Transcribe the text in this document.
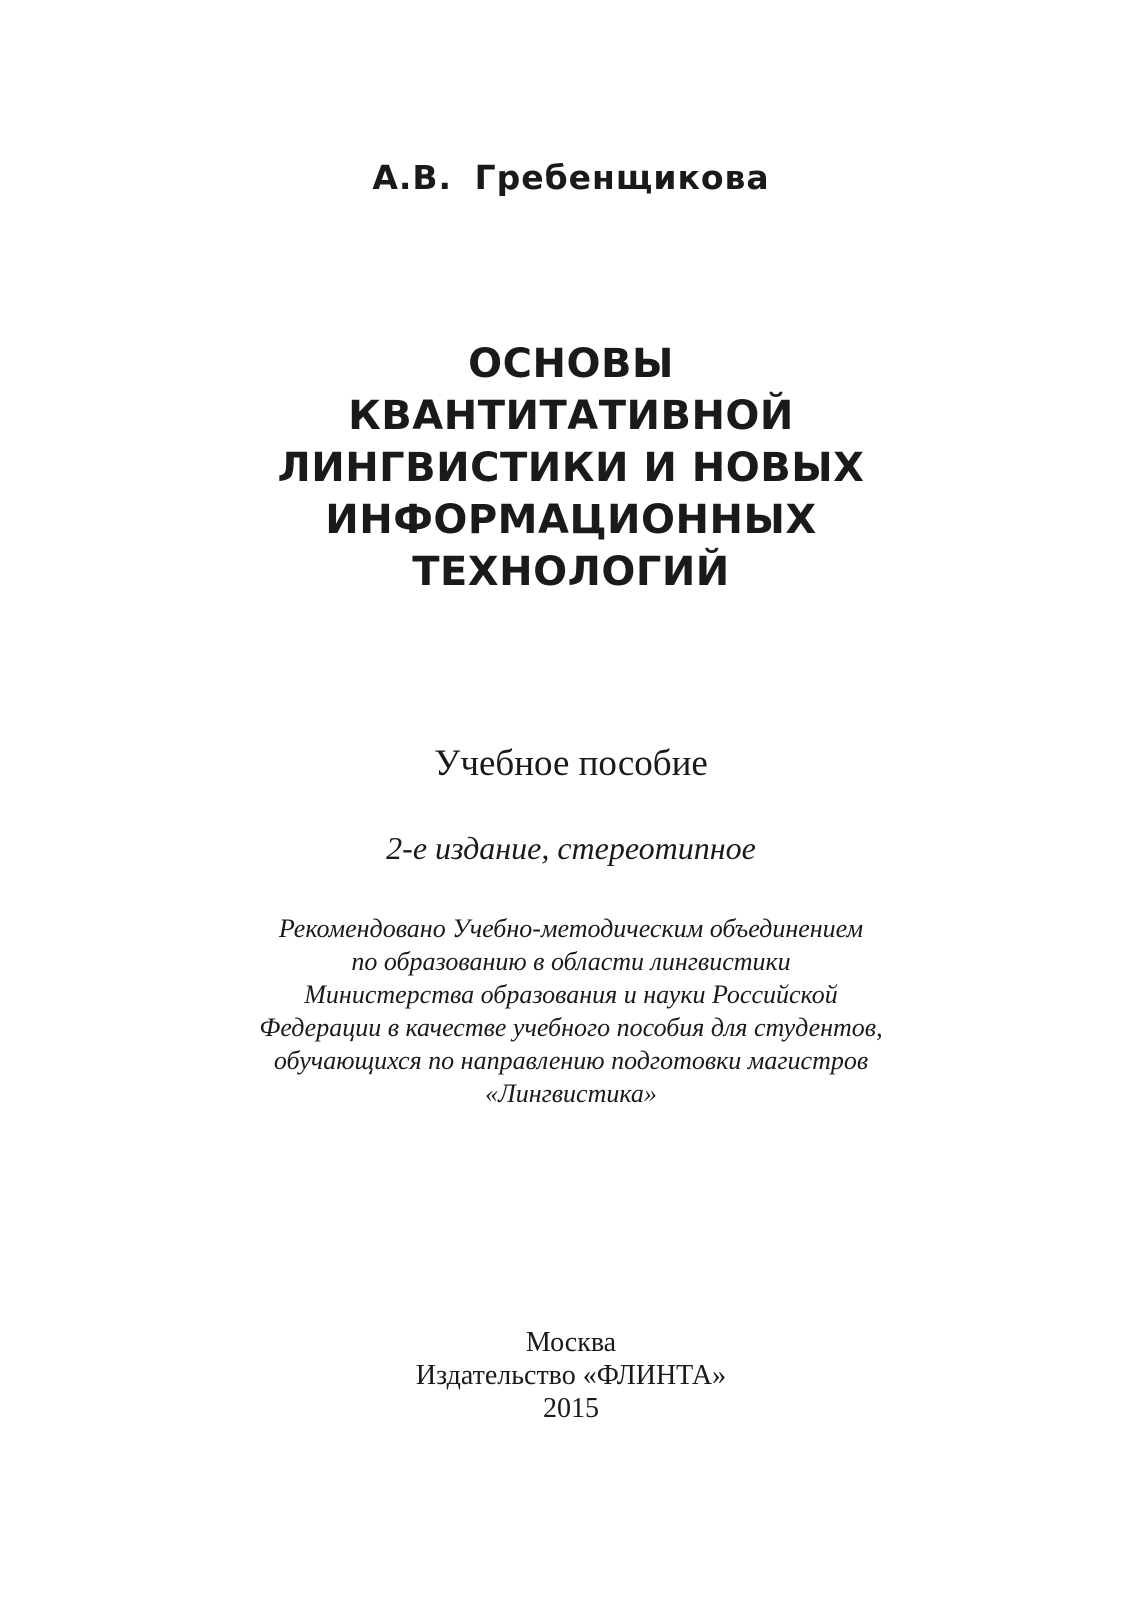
А.В. Гребенщикова
ОСНОВЫ
КВАНТИТАТИВНОЙ
ЛИНГВИСТИКИ И НОВЫХ
ИНФОРМАЦИОННЫХ
ТЕХНОЛОГИЙ
Учебное пособие
2-е издание, стереотипное
Рекомендовано Учебно-методическим объединением
по образованию в области лингвистики
Министерства образования и науки Российской
Федерации в качестве учебного пособия для студентов,
обучающихся по направлению подготовки магистров
«Лингвистика»
Москва
Издательство «ФЛИНТА»
2015
